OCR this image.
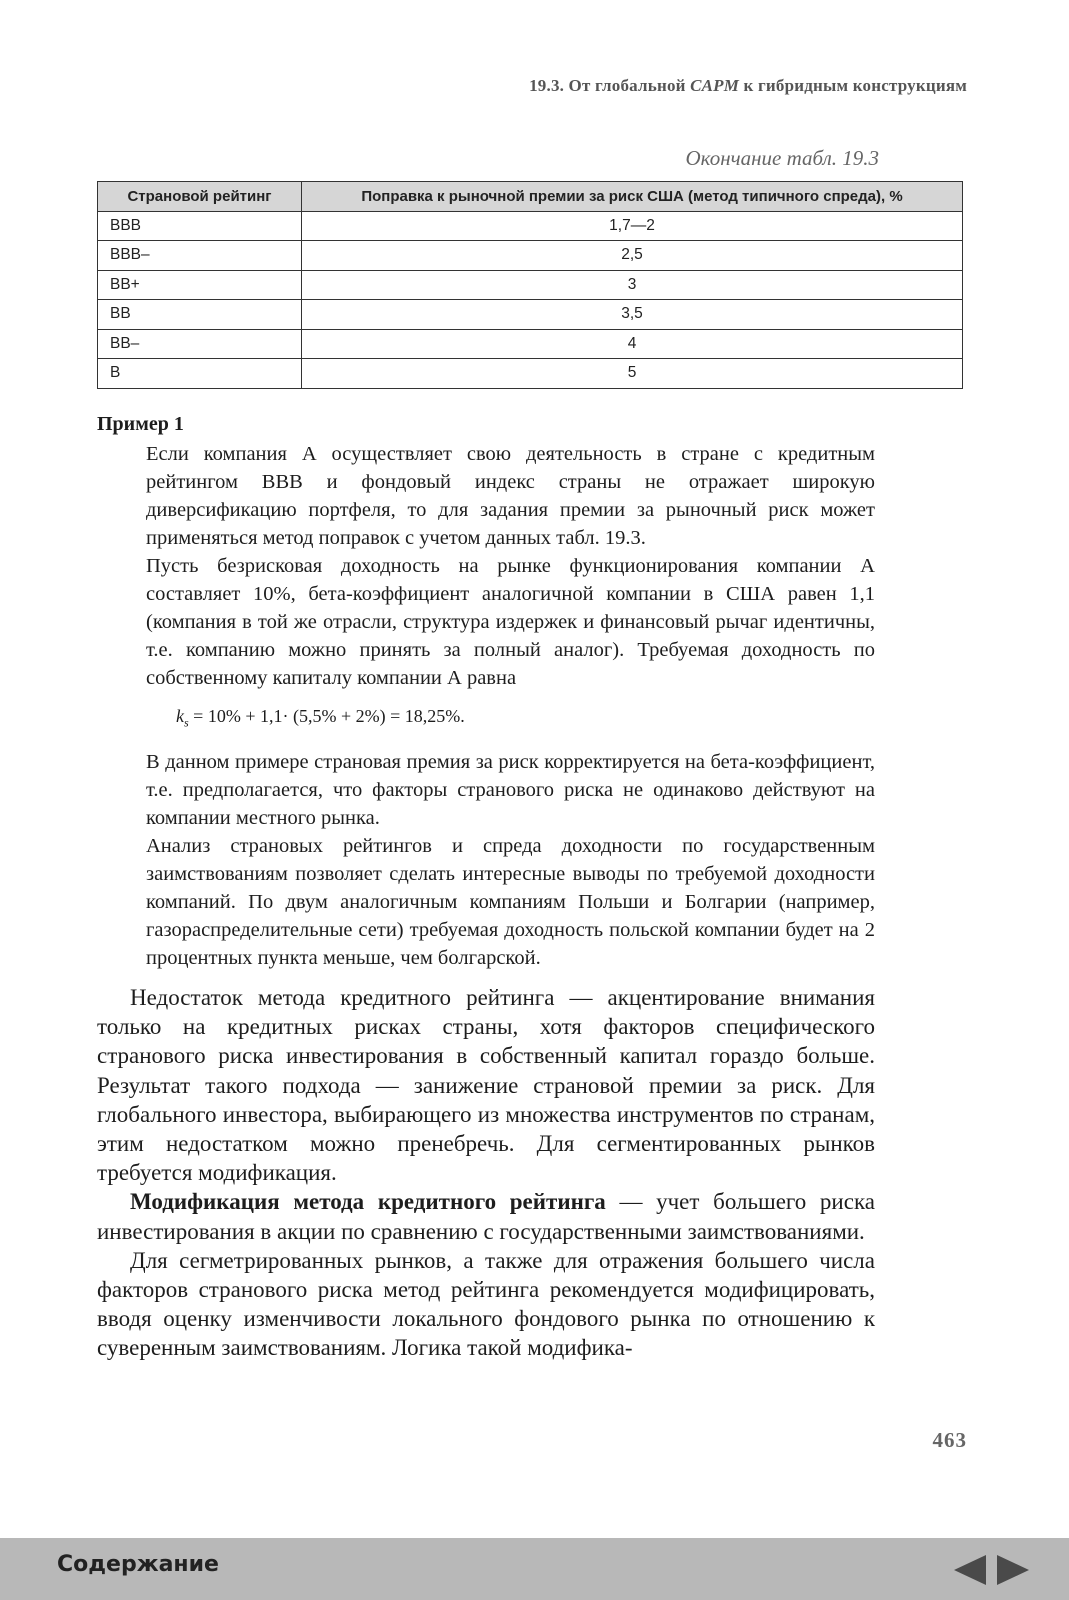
19.3. От глобальной CAPM к гибридным конструкциям
Окончание табл. 19.3
Страновой рейтинг	Поправка к рыночной премии за риск США (метод типичного спреда), %
BBB	1,7—2
BBB–	2,5
BB+	3
BB	3,5
BB–	4
B	5
Пример 1

Если компания А осуществляет свою деятельность в стране с кредитным рейтингом BBB и фондовый индекс страны не отражает широкую диверсификацию портфеля, то для задания премии за рыночный риск может применяться метод поправок с учетом данных табл. 19.3.

Пусть безрисковая доходность на рынке функционирования компании А составляет 10%, бета-коэффициент аналогичной компании в США равен 1,1 (компания в той же отрасли, структура издержек и финансовый рычаг идентичны, т.е. компанию можно принять за полный аналог). Требуемая доходность по собственному капиталу компании А равна

$k_s = 10\% + 1,1\cdot (5,5\% + 2\%) = 18,25\%$.

В данном примере страновая премия за риск корректируется на бета-коэффициент, т.е. предполагается, что факторы странового риска не одинаково действуют на компании местного рынка.

Анализ страновых рейтингов и спреда доходности по государственным заимствованиям позволяет сделать интересные выводы по требуемой доходности компаний. По двум аналогичным компаниям Польши и Болгарии (например, газораспределительные сети) требуемая доходность польской компании будет на 2 процентных пункта меньше, чем болгарской.

Недостаток метода кредитного рейтинга — акцентирование внимания только на кредитных рисках страны, хотя факторов специфического странового риска инвестирования в собственный капитал гораздо больше. Результат такого подхода — занижение страновой премии за риск. Для глобального инвестора, выбирающего из множества инструментов по странам, этим недостатком можно пренебречь. Для сегментированных рынков требуется модификация.

Модификация метода кредитного рейтинга — учет большего риска инвестирования в акции по сравнению с государственными заимствованиями.

Для сегметрированных рынков, а также для отражения большего числа факторов странового риска метод рейтинга рекомендуется модифицировать, вводя оценку изменчивости локального фондового рынка по отношению к суверенным заимствованиям. Логика такой модифика-

463
Содержание
